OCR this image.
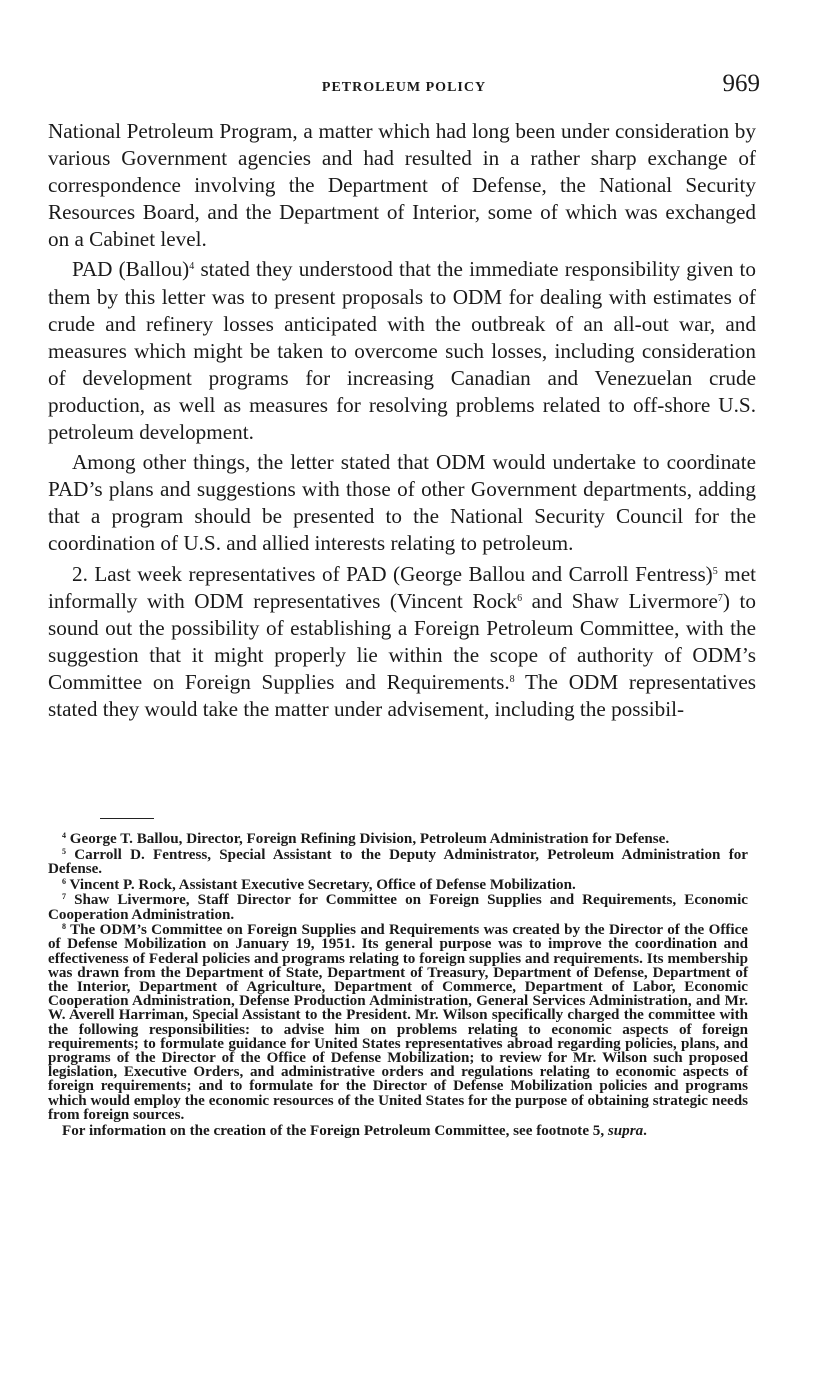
PETROLEUM POLICY	969

National Petroleum Program, a matter which had long been under consideration by various Government agencies and had resulted in a rather sharp exchange of correspondence involving the Department of Defense, the National Security Resources Board, and the Department of Interior, some of which was exchanged on a Cabinet level.

PAD (Ballou)$^4$ stated they understood that the immediate responsibility given to them by this letter was to present proposals to ODM for dealing with estimates of crude and refinery losses anticipated with the outbreak of an all-out war, and measures which might be taken to overcome such losses, including consideration of development programs for increasing Canadian and Venezuelan crude production, as well as measures for resolving problems related to off-shore U.S. petroleum development.

Among other things, the letter stated that ODM would undertake to coordinate PAD’s plans and suggestions with those of other Government departments, adding that a program should be presented to the National Security Council for the coordination of U.S. and allied interests relating to petroleum.

2. Last week representatives of PAD (George Ballou and Carroll Fentress)$^5$ met informally with ODM representatives (Vincent Rock$^6$ and Shaw Livermore$^7$) to sound out the possibility of establishing a Foreign Petroleum Committee, with the suggestion that it might properly lie within the scope of authority of ODM’s Committee on Foreign Supplies and Requirements.$^8$ The ODM representatives stated they would take the matter under advisement, including the possibil-

$^4$ George T. Ballou, Director, Foreign Refining Division, Petroleum Administration for Defense.

$^5$ Carroll D. Fentress, Special Assistant to the Deputy Administrator, Petroleum Administration for Defense.

$^6$ Vincent P. Rock, Assistant Executive Secretary, Office of Defense Mobilization.

$^7$ Shaw Livermore, Staff Director for Committee on Foreign Supplies and Requirements, Economic Cooperation Administration.

$^8$ The ODM’s Committee on Foreign Supplies and Requirements was created by the Director of the Office of Defense Mobilization on January 19, 1951. Its general purpose was to improve the coordination and effectiveness of Federal policies and programs relating to foreign supplies and requirements. Its membership was drawn from the Department of State, Department of Treasury, Department of Defense, Department of the Interior, Department of Agriculture, Department of Commerce, Department of Labor, Economic Cooperation Administration, Defense Production Administration, General Services Administration, and Mr. W. Averell Harriman, Special Assistant to the President. Mr. Wilson specifically charged the committee with the following responsibilities: to advise him on problems relating to economic aspects of foreign requirements; to formulate guidance for United States representatives abroad regarding policies, plans, and programs of the Director of the Office of Defense Mobilization; to review for Mr. Wilson such proposed legislation, Executive Orders, and administrative orders and regulations relating to economic aspects of foreign requirements; and to formulate for the Director of Defense Mobilization policies and programs which would employ the economic resources of the United States for the purpose of obtaining strategic needs from foreign sources.

For information on the creation of the Foreign Petroleum Committee, see footnote 5, supra.
